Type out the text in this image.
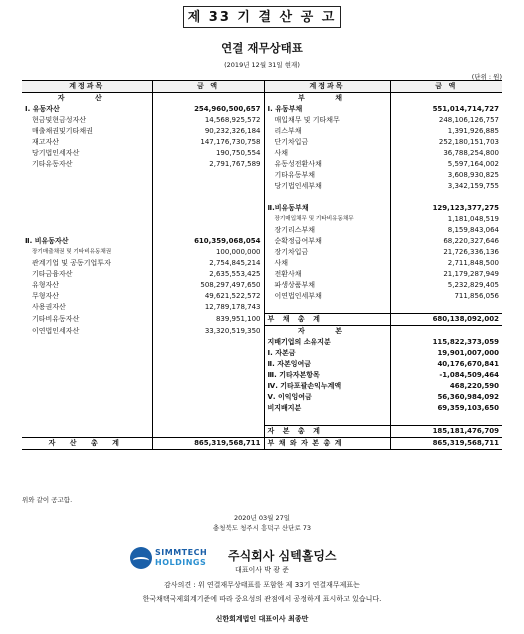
제 33 기 결 산 공 고
연결 재무상태표
(2019년 12월 31일 현재)
(단위 : 원)
계정과목	금 액	계정과목	금 액
자 산		부 채	
Ⅰ. 유동자산	254,960,500,657	Ⅰ. 유동부채	551,014,714,727
현금및현금성자산	14,568,925,572	매입채무 및 기타채무	248,106,126,757
매출채권및기타채권	90,232,326,184	리스부채	1,391,926,885
재고자산	147,176,730,758	단기차입금	252,180,151,703
당기법인세자산	190,750,554	사채	36,788,254,800
기타유동자산	2,791,767,589	유동성전환사채	5,597,164,002
		기타유동부채	3,608,930,825
		당기법인세부채	3,342,159,755

		Ⅱ.비유동부채	129,123,377,275
		장기매입채무 및 기타비유동채무	1,181,048,519
		장기리스부채	8,159,843,064
Ⅱ. 비유동자산	610,359,068,054	순확정급여부채	68,220,327,646
장기매출채권 및 기타비유동채권	100,000,000	장기차입금	21,726,336,136
관계기업 및 공동기업투자	2,754,845,214	사채	2,711,848,500
기타금융자산	2,635,553,425	전환사채	21,179,287,949
유형자산	508,297,497,650	파생상품부채	5,232,829,405
무형자산	49,621,522,572	이연법인세부채	711,856,056
사용권자산	12,789,178,743		
기타비유동자산	839,951,100	부 채 총 계	680,138,092,002
이연법인세자산	33,320,519,350	자 본	
		지배기업의 소유지분	115,822,373,059
		Ⅰ. 자본금	19,901,007,000
		Ⅱ. 자본잉여금	40,176,670,841
		Ⅲ. 기타자본항목	-1,084,509,464
		Ⅳ. 기타포괄손익누계액	468,220,590
		Ⅴ. 이익잉여금	56,360,984,092
		비지배지분	69,359,103,650

		자 본 총 계	185,181,476,709
자 산 총 계	865,319,568,711	부 채 와 자 본 총 계	865,319,568,711
위와 같이 공고함.
2020년 03월 27일
충청북도 청주시 흥덕구 산단로 73
SIMMTECH
HOLDINGS 주식회사 심텍홀딩스
대표이사 박 광 준
감사의견 : 위 연결재무상태표를 포함한 제 33기 연결재무제표는
한국채택국제회계기준에 따라 중요성의 관점에서 공정하게 표시하고 있습니다.
신한회계법인 대표이사 최종만
